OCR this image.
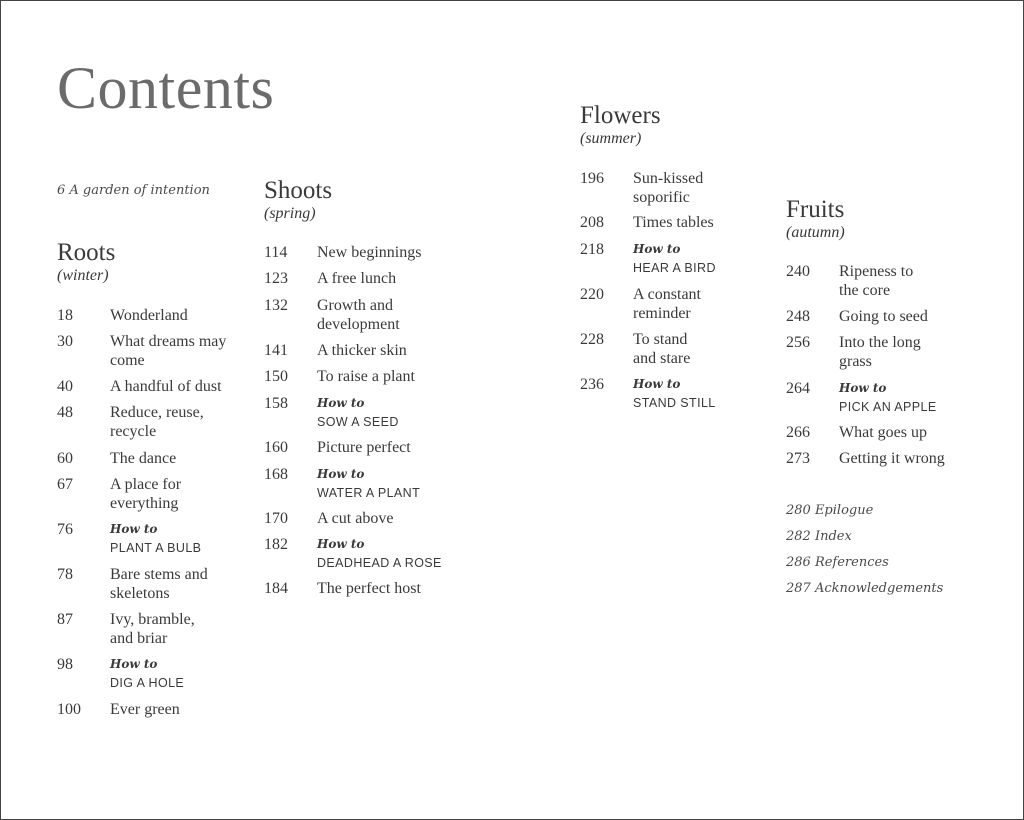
Contents
6 A garden of intention
Roots
(winter)
Shoots
(spring)
Flowers
(summer)
Fruits
(autumn)
18 Wonderland
30 What dreams may
come
40 A handful of dust
48 Reduce, reuse,
recycle
60 The dance
67 A place for
everything
76	How to
PLANT A BULB
78 Bare stems and
skeletons
87 Ivy, bramble,
and briar
98	How to
DIG A HOLE
100 Ever green
114 New beginnings
123 A free lunch
132 Growth and
development
141 A thicker skin
150 To raise a plant
158 How to
SOW A SEED
160 Picture perfect
168 How to
WATER A PLANT
170 A cut above
182 How to
DEADHEAD A ROSE
184 The perfect host
196 Sun-kissed
soporific
208 Times tables
218 How to
HEAR A BIRD
220 A constant
reminder
228 To stand
and stare
236 How to
STAND STILL
240 Ripeness to
the core
248 Going to seed
256 Into the long
grass
264 How to
PICK AN APPLE
266 What goes up
273 Getting it wrong
280 Epilogue
282 Index
286 References
287 Acknowledgements
